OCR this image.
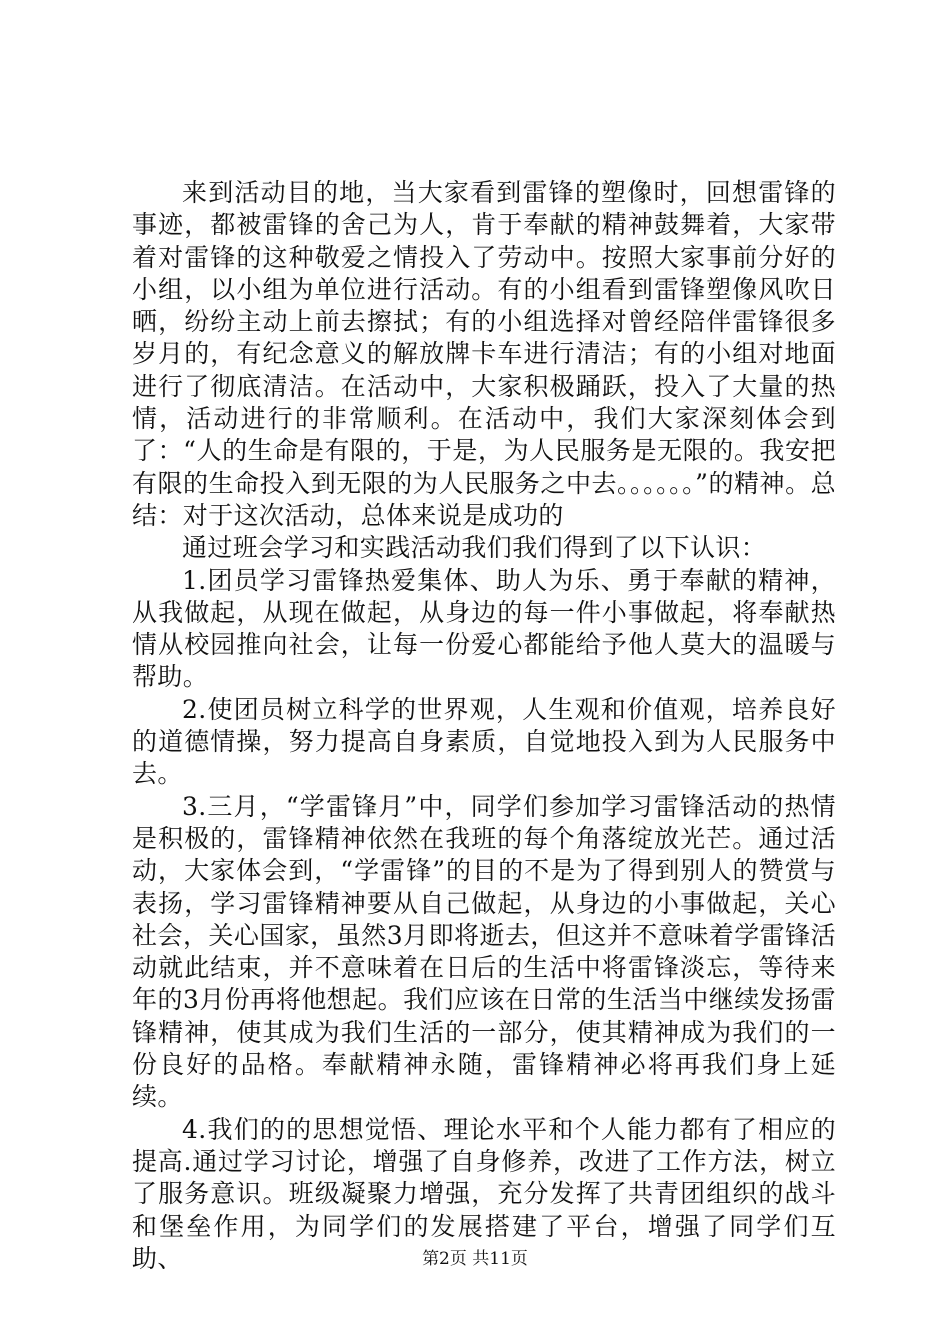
来到活动目的地，当大家看到雷锋的塑像时，回想雷锋的事迹，都被雷锋的舍己为人，肯于奉献的精神鼓舞着，大家带着对雷锋的这种敬爱之情投入了劳动中。按照大家事前分好的小组，以小组为单位进行活动。有的小组看到雷锋塑像风吹日晒，纷纷主动上前去擦拭；有的小组选择对曾经陪伴雷锋很多岁月的，有纪念意义的解放牌卡车进行清洁；有的小组对地面进行了彻底清洁。在活动中，大家积极踊跃，投入了大量的热情，活动进行的非常顺利。在活动中，我们大家深刻体会到了：“人的生命是有限的，于是，为人民服务是无限的。我安把有限的生命投入到无限的为人民服务之中去。。。。。。”的精神。总结：对于这次活动，总体来说是成功的

通过班会学习和实践活动我们我们得到了以下认识：

1.团员学习雷锋热爱集体、助人为乐、勇于奉献的精神，从我做起，从现在做起，从身边的每一件小事做起，将奉献热情从校园推向社会，让每一份爱心都能给予他人莫大的温暖与帮助。

2.使团员树立科学的世界观，人生观和价值观，培养良好的道德情操，努力提高自身素质，自觉地投入到为人民服务中去。

3.三月，“学雷锋月”中，同学们参加学习雷锋活动的热情是积极的，雷锋精神依然在我班的每个角落绽放光芒。通过活动，大家体会到，“学雷锋”的目的不是为了得到别人的赞赏与表扬，学习雷锋精神要从自己做起，从身边的小事做起，关心社会，关心国家，虽然3月即将逝去，但这并不意味着学雷锋活动就此结束，并不意味着在日后的生活中将雷锋淡忘，等待来年的3月份再将他想起。我们应该在日常的生活当中继续发扬雷锋精神，使其成为我们生活的一部分，使其精神成为我们的一份良好的品格。奉献精神永随，雷锋精神必将再我们身上延续。

4.我们的的思想觉悟、理论水平和个人能力都有了相应的提高.通过学习讨论，增强了自身修养，改进了工作方法，树立了服务意识。班级凝聚力增强，充分发挥了共青团组织的战斗和堡垒作用，为同学们的发展搭建了平台，增强了同学们互助、	第2页 共11页
